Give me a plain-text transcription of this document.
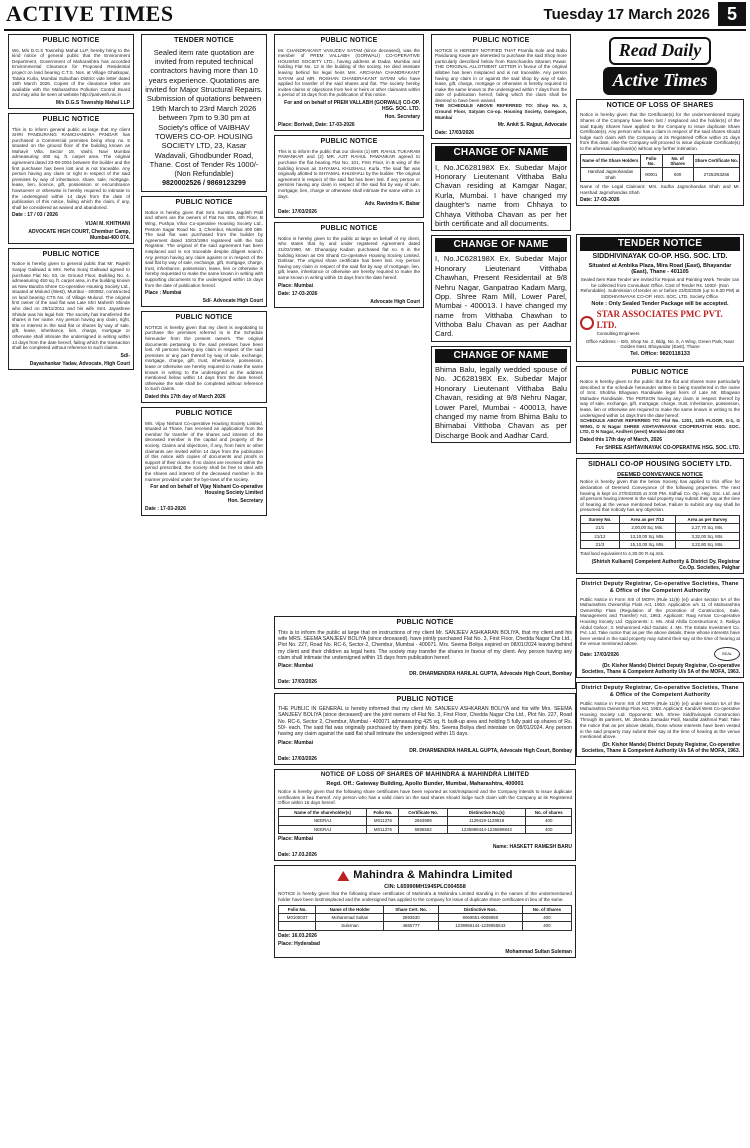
ACTIVE TIMES	Tuesday 17 March 2026 5
PUBLIC NOTICE
We, M/s D.G.S Township Mahal LLP, hereby bring to the kind notice of general public that the Environment Department, Government of Maharashtra has accorded Environmental Clearance for Proposed Residential project on land bearing C.T.S. Nos. at Village Ghatkopar, Taluka Kurla, Mumbai Suburban District vide letter dated 16th March 2026. Copies of the clearance letter are available with the Maharashtra Pollution Control Board and may also be seen at website http://parivesh.nic.in
M/s D.G.S Township Mahal LLP
PUBLIC NOTICE
This is to inform general public at large that my client SHRI PANDURANG RAMCHANDRA PANDAR has purchased a Commercial premises being shop no. 5 situated on the ground floor of the building known as Mahavir Villa, Sector 19, Vashi, Navi Mumbai admeasuring 400 sq. ft. carpet area. The original agreement dated 23-08-2004 between the builder and the first purchaser has been lost and is not traceable. Any person having any claim or right in respect of the said premises by way of inheritance, share, sale, mortgage, lease, lien, licence, gift, possession or encumbrance howsoever or otherwise is hereby required to intimate to the undersigned within 14 days from the date of publication of this notice, failing which the claim, if any, shall be considered as waived and abandoned.
Date : 17 / 03 / 2026
VIJAI M. KHITHANI
ADVOCATE HIGH COURT, Chembur Camp, Mumbai-400 074.
PUBLIC NOTICE
Notice is hereby given to general public that Mr. Rajesh Sanjay Gaikwad & Mrs. Neha Suraj Gaikwad agreed to purchase Flat No. 03, on Ground Floor, Building No. 4, admeasuring 450 sq. ft. carpet area, in the building known as New Bandra Shree Co-operative Housing Society Ltd., situated at Mulund (West), Mumbai - 400082, constructed on land bearing CTS No. of Village Mulund. The original first owner of the said flat was Late Shri Mahesh Shinde who died on 28/11/2011 and his wife Smt. Jayashree Shinde was his legal heir. The society has transferred the shares in her name. Any person having any claim, right, title or interest in the said flat or shares by way of sale, gift, lease, inheritance, lien, charge, mortgage or otherwise shall intimate the undersigned in writing within 14 days from the date hereof, failing which the transaction shall be completed without reference to such claims.
Sd/-
Dayashankar Yadav, Advocate, High Court
TENDER NOTICE
Sealed item rate quotation are invited from reputed technical contractors having more than 10 years experience. Quotations are invited for Major Structural Repairs. Submission of quotations between 19th March to 23rd March 2026 between 7pm to 9.30 pm at Society's office of VAIBHAV TOWERS CO-OP. HOUSING SOCIETY LTD, 23, Kasar Wadavali, Ghodbunder Road, Thane. Cost of Tender Rs 1000/- (Non Refundable)
9820002526 / 9869123299
PUBLIC NOTICE
Notice is hereby given that Smt. Sumitra Jagdish Patil and others are the owners of Flat No. 605, 6th Floor, B Wing, Pushpa Vihar Co-operative Housing Society Ltd., Pestom Sagar Road No. 3, Chembur, Mumbai 400 089. The said flat was purchased from the builder by Agreement dated 10/03/1994 registered with the Sub Registrar. The original of the said agreement has been misplaced and is not traceable despite diligent search. Any person having any claim against or in respect of the said flat by way of sale, exchange, gift, mortgage, charge, trust, inheritance, possession, lease, lien or otherwise is hereby requested to make the same known in writing with supporting documents to the undersigned within 15 days from the date of publication hereof.
Place : Mumbai
Sd/- Advocate High Court
PUBLIC NOTICE
NOTICE is hereby given that my client is negotiating to purchase the premises referred to in the Schedule hereunder from the present owners. The original documents pertaining to the said premises have been lost. All persons having any claim in respect of the said premises or any part thereof by way of sale, exchange, mortgage, charge, gift, trust, inheritance, possession, lease or otherwise are hereby required to make the same known in writing to the undersigned at the address mentioned below within 14 days from the date hereof, otherwise the sale shall be completed without reference to such claims.
Dated this 17th day of March 2026
PUBLIC NOTICE
M/s. Vijay Nishant Co-operative Housing Society Limited, situated at Thane, has received an application from the member for transfer of the shares and interest of the deceased member in the capital and property of the society. Claims and objections, if any, from heirs or other claimants are invited within 14 days from the publication of this notice with copies of documents and proofs in support of their claims. If no claims are received within the period prescribed, the society shall be free to deal with the shares and interest of the deceased member in the manner provided under the bye-laws of the society.
For and on behalf of Vijay Nishant Co-operative Housing Society Limited
Hon. Secretary
Date : 17-03-2026
PUBLIC NOTICE
Mr. CHANDRAKANT VASUDEV SATAM (since deceased), was the member of PREM VALLABH (GORWALI) CO-OPERATIVE HOUSING SOCIETY LTD., having address at Dadar, Mumbai and holding Flat No. 12 in the building of the society. He died intestate leaving behind his legal heirs Mrs. ARCHANA CHANDRAKANT SATAM and MR. ROSHAN CHANDRAKANT SATAM who have applied for transfer of the said shares and flat. The society hereby invites claims or objections from heir or heirs or other claimants within a period of 15 days from the publication of this notice.
For and on behalf of PREM VALLABH (GORWALI) CO-OP. HSG. SOC. LTD.
Hon. Secretary
Place: Borivali, Date: 17-03-2026
PUBLIC NOTICE
This is to inform the public that our clients (1) MR. RAHUL TUKARAM PAWANKAR and (2) MR. AJIT RAHUL PAWANKAR agreed to purchase the flat bearing Flat No. 101, First Floor, in B wing of the building known as SHYAMAL KHUSHALI, Kurla. The said flat was originally allotted to SHYAMAL KHUSHALI by the builder. The original agreement in respect of the said flat has been lost. If any person or persons having any claim in respect of the said flat by way of sale, mortgage, lien, charge or otherwise shall intimate the same within 14 days.
Adv. Ravindra K. Babar
Date: 17/03/2026
PUBLIC NOTICE
Notice is hereby given to the public at large on behalf of my client, who states that by and under registered Agreement dated 21/02/1990, Mr. Dhananjay Kadam purchased flat no. 6 in the building known as Om Shanti Co-operative Housing Society Limited, Dahisar. The original share certificate has been lost. Any person having any claim in respect of the said flat by way of mortgage, lien, gift, lease, inheritance or otherwise are hereby required to make the same known in writing within 15 days from the date hereof.
Place: Mumbai
Date: 17-03-2026
Advocate High Court
PUBLIC NOTICE
NOTICE is HEREBY NOTIFIED THAT Pramila Sole and Babu Pandurang Kowe are interested to purchase the said Shop more particularly described below from Ramchandra Sitaram Pawar. THE ORIGINAL ALLOTMENT LETTER in favour of the original allottee has been misplaced and is not traceable. Any person having any claim in or against the said shop by way of sale, lease, gift, charge, mortgage or otherwise is hereby required to make the same known to the undersigned within 7 days from the date of publication hereof, failing which the claim shall be deemed to have been waived.
THE SCHEDULE ABOVE REFERRED TO: Shop No. 3, Ground Floor, Satyam Co-op. Housing Society, Goregaon, Mumbai
Mr. Ankit S. Rajput, Advocate
Date: 17/03/2026
CHANGE OF NAME
I, No.JC628198X Ex. Subedar Major Honorary Lieutenant Vitthaba Balu Chavan residing at Kamgar Nagar, Kurla, Mumbai. I have changed my daughter's name from Chhaya to Chhaya Vitthoba Chavan as per her birth certificate and all documents.
CHANGE OF NAME
I, No.JC628198X Ex. Subedar Major Honorary Lieutenant Vitthaba Chawhan, Present Residentail at 9/8 Nehru Nagar, Ganpatrao Kadam Marg, Opp. Shree Ram Mill, Lower Parel, Mumbai - 400013. I have changed my name from Vitthaba Chawhan to Vitthoba Balu Chavan as per Aadhar Card.
CHANGE OF NAME
Bhima Balu, legally wedded spouse of No. JC628198X Ex. Subedar Major Honorary Lieutenant Vitthaba Balu Chavan, residing at 9/8 Nehru Nagar, Lower Parel, Mumbai - 400013, have changed my name from Bhima Balu to Bhimabai Vitthoba Chavan as per Discharge Book and Aadhar Card.
PUBLIC NOTICE
This is to inform the public at large that on instructions of my client Mr. SANJEEV ASHKARAN BOLIYA, that my client and his wife MRS. SEEMA SANJEEV BOLIYA (since deceased), have jointly purchased Flat No. 3, First Floor, Chedda Nagar Chs Ltd., Plot No. 227, Road No. RC-6, Sector-2, Chembur, Mumbai - 400071. Mrs. Seema Boliya expired on 08/01/2024 leaving behind my client and their children as legal heirs. The society may transfer the shares in favour of my client. Any person having any claim shall intimate the undersigned within 15 days from publication hereof.
Place: Mumbai
DR. DHARMENDRA HARILAL GUPTA, Advocate High Court, Bombay
Date: 17/03/2026
PUBLIC NOTICE
THE PUBLIC IN GENERAL is hereby informed that my client Mr. SANJEEV ASHKARAN BOLIYA and his wife Mrs. SEEMA SANJEEV BOLIYA (since deceased) are the joint owners of Flat No. 3, First Floor, Chedda Nagar Chs Ltd., Plot No. 227, Road No. RC-6, Sector 2, Chembur, Mumbai - 400071 admeasuring 425 sq. ft. built-up area and holding 5 fully paid up shares of Rs. 50/- each. The said flat was originally purchased by them jointly. Mrs. Seema Boliya died intestate on 08/01/2024. Any person having any claim against the said flat shall intimate the undersigned within 15 days.
Place: Mumbai
DR. DHARMENDRA HARILAL GUPTA, Advocate High Court, Bombay
Date: 17/03/2026
NOTICE OF LOSS OF SHARES OF MAHINDRA & MAHINDRA LIMITED
Regd. Off.: Gateway Building, Apollo Bunder, Mumbai, Maharashtra, 400001
Notice is hereby given that the following share certificates have been reported as lost/misplaced and the Company intends to issue duplicate certificates in lieu thereof. Any person who has a valid claim on the said shares should lodge such claim with the Company at its Registered Office within 15 days hereof.
Name of the shareholder(s)	Folio No.	Certificate No.	Distinctive No.(s)	No. of shares
NEERAJ	M011376	2663989	1129419-1129818	400
NEERAJ	M011376	5895562	1235899444-1235899843	400
Place: Mumbai
Name: HASKETT RAMESH BARU
Date: 17.03.2026
Mahindra & Mahindra Limited
CIN: L65990MH1945PLC004558
NOTICE is hereby given that the following share certificates of Mahindra & Mahindra Limited standing in the names of the undermentioned holder have been lost/misplaced and the undersigned has applied to the company for issue of duplicate share certificates in lieu of the same.
Folio No.	Name of the Holder	Share Cert. No.	Distinctive Nos.	No. of Shares
M0100037	Mohammad Sultan	2893530	9069551-9069950	400
	Suleman	4865777	1239955144-1239955543	400
Date: 16.03.2026
Place: Hyderabad
Mohammad Sultan Suleman
Read Daily
Active Times
NOTICE OF LOSS OF SHARES
Notice is hereby given that the Certificate(s) for the undermentioned Equity Shares of the Company have been lost / misplaced and the holder(s) of the said Equity Shares have applied to the Company to issue duplicate Share Certificate(s). Any person who has a claim in respect of the said shares should lodge such claim with the Company at its Registered Office within 21 days from this date, else the Company will proceed to issue duplicate Certificate(s) to the aforesaid applicant(s) without any further intimation.
Name of the Share Holders	Folio No.	No. of Shares	Share Certificate No.
Harshad Jagmohandas Shah	00001	600	27253/63256
Name of the Legal Claimant: Mrs. Sudha Jagmohandas Shah and Mr. Harshad Jagmohandas Shah
Date: 17-03-2026
TENDER NOTICE
SIDDHIVINAYAK CO-OP. HSG. SOC. LTD.
Situated at Ambika Plaza, Mira Road (East), Bhayandar (East), Thane - 401105
Sealed Item Rate Tender are invited for Repair and Painting Work. Tender can be collected from Consultant Office. Cost of Tender Rs. 1500/- (Non Refundable). Submission of tender on or before 23/03/2026 (up to 5.00 PM) at SIDDHIVINAYAK CO-OP. HSG. SOC. LTD. Society Office.
Note : Only Sealed Tender Package will be accepted.
STAR ASSOCIATES PMC PVT. LTD.
Consulting Engineers
Office Address :- B/6, Shop No. 2, Bldg. No. 6, A Wing, Green Park, Near Golden Nest, Bhayandar (East), Thane
Tel. Office: 9820118133
PUBLIC NOTICE
Notice is hereby given to the public that the flat and shares more particularly described in the schedule hereunder written is being transferred in the name of Smt. Shobha Bhagwan Randiwale legal heirs of Late Mr. Bhagwan Mahadev Randiwale. The PERSON having any claim in respect thereof by way of sale, exchange, gift, mortgage, charge, trust, inheritance, possession, lease, lien or otherwise are required to make the same known in writing to the undersigned within 14 days from the date hereof.
SCHEDULE ABOVE REFERRED TO: Flat No. 1201, 12th FLOOR, G-1, G WING, D N Nagar SHREE ASHTAVINAYAK COOPERATIVE HSG. SOC. LTD, D N Nagar, Andheri (west) Mumbai 400 053
Dated this 17th day of March, 2026
For SHREE ASHTAVINAYAK CO-OPERATIVE HSG. SOC. LTD.
SIDHALI CO-OP HOUSING SOCIETY LTD.
DEEMED CONVEYANCE NOTICE
Notice is hereby given that the below Society has applied to this office for declaration of Deemed Conveyance of the following properties. The next hearing is kept on 27/04/2026 at 3:00 PM. Sidhali Co. Op. Hsg. Soc. Ltd. and all persons having interest in the said property may submit their say at the time of hearing at the venue mentioned below. Failure to submit any say shall be presumed that nobody has any objection.
Survey No.	Area as per 7/12	Area as per Survey
21/1	2,00,00 Sq. Mts.	2,27,70 Sq. Mts.
21/12	13,10,00 Sq. Mts.	3,32,00 Sq. Mts.
21/3	15,10,00 Sq. Mts.	3,22,80 Sq. Mts.
Total land equivalent to 4,30.00 R.sq.mts.
(Shirish Kulkarni) Competent Authority & District Dy. Registrar Co.Op. Societies, Palghar
District Deputy Registrar, Co-operative Societies, Thane & Office of the Competent Authority
Public Notice in Form XIII of MOFA (Rule 11(9) (e)) under section 5A of the Maharashtra Ownership Flats Act, 1963. Application u/s 11 of Maharashtra Ownership Flats (Regulation of the promotion of Construction, Sale, Management and Transfer) Act, 1963. Applicant: Raaj Arman Co-operative Housing Society Ltd. Opponents: 1. Ms. Abid Ahilla Constructions; 2. Rabiya Abdul Gafoor; 3. Mohammed Abid Gazale; 4. Ms. The Estate Investment Co. Pvt. Ltd. Take notice that as per the above details, these whose interests have been vested in the said property may submit their say at the time of hearing at the venue mentioned above.
Date: 17/03/2026	SEAL
(Dr. Kishor Mande) District Deputy Registrar, Co-operative Societies, Thane & Competent Authority U/s 5A of the MOFA, 1963.
District Deputy Registrar, Co-operative Societies, Thane & Office of the Competent Authority
Public Notice in Form XIII of MOFA (Rule 11(9) (e)) under section 5A of the Maharashtra Ownership Flats Act, 1963. Applicant: Kandivli West Co-operative Housing Society Ltd. Opponents: M/s. Shree Siddhivinayak Construction Through its partners, Mr. Jitendra Zamadar Patil, Nandlal Jakhmal Patil. Take the notice that as per above details, those whose interests have been vested in the said property may submit their say at the time of hearing at the venue mentioned above.
(Dr. Kishor Mande) District Deputy Registrar, Co-operative Societies, Thane & Competent Authority U/s 5A of the MOFA, 1963.
